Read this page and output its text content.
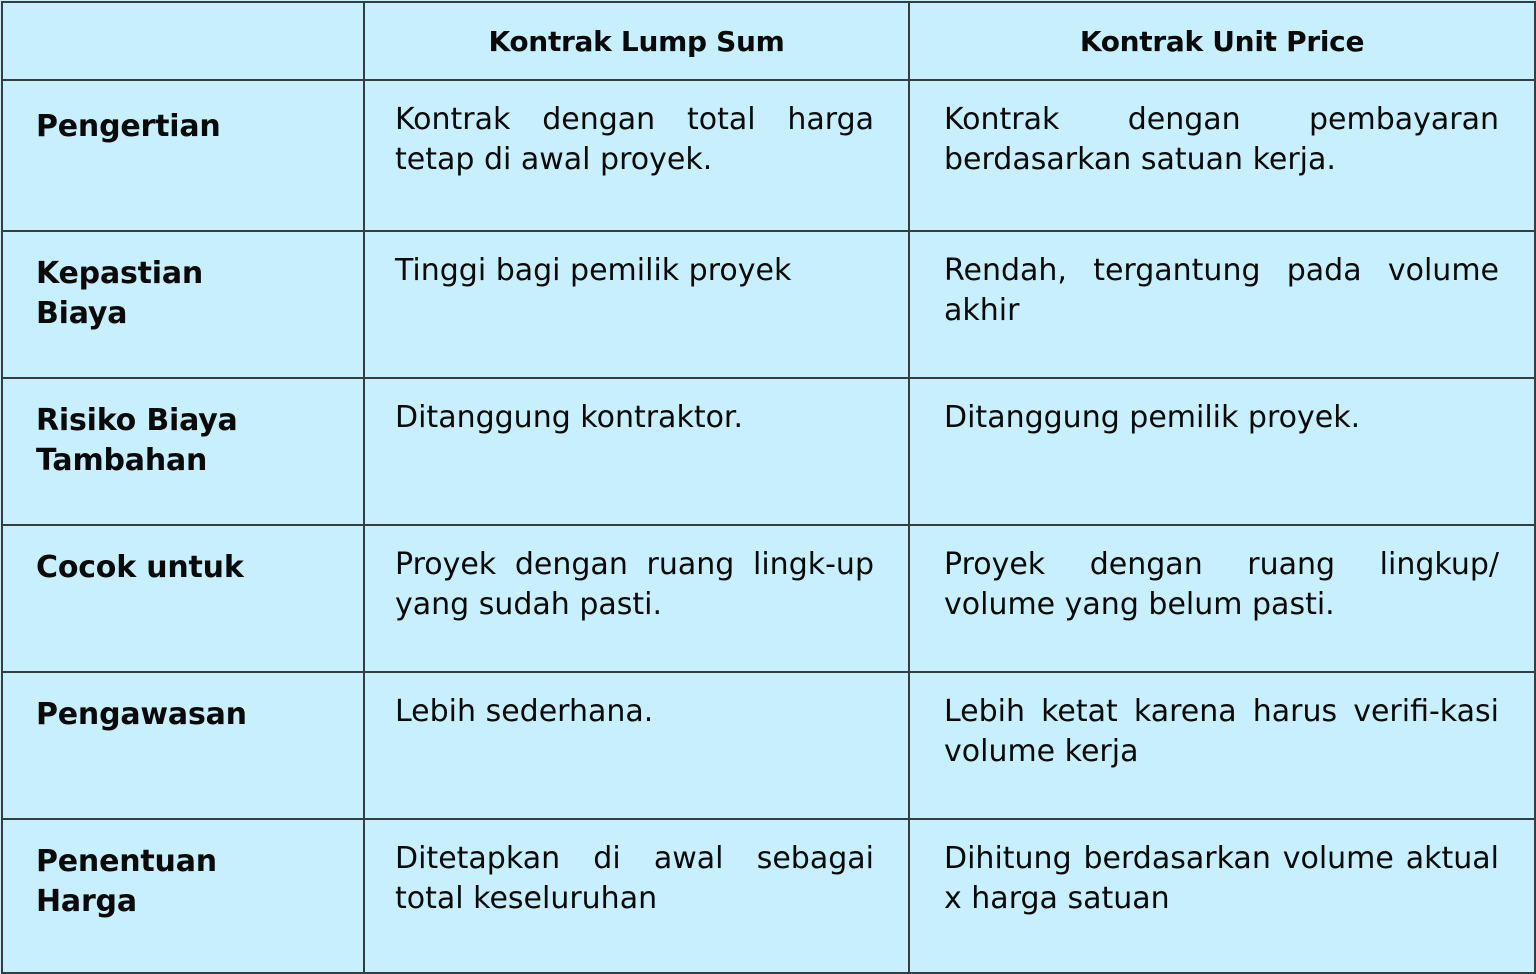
	Kontrak Lump Sum	Kontrak Unit Price
Pengertian	Kontrak dengan total harga tetap di awal proyek.	Kontrak dengan pembayaran berdasarkan satuan kerja.

Kepastian Biaya	Tinggi bagi pemilik proyek	Rendah, tergantung pada volume akhir

Risiko Biaya Tambahan	Ditanggung kontraktor.	Ditanggung pemilik proyek.
Cocok untuk	Proyek dengan ruang lingk-up yang sudah pasti.	Proyek dengan ruang lingkup/ volume yang belum pasti.
Pengawasan	Lebih sederhana.	Lebih ketat karena harus verifi-kasi volume kerja

Penentuan Harga	Ditetapkan di awal sebagai total keseluruhan	Dihitung berdasarkan volume aktual x harga satuan
